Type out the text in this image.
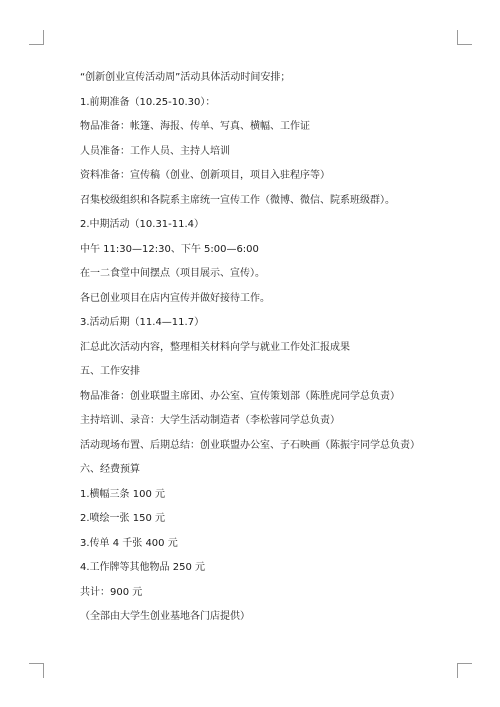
“创新创业宣传活动周”活动具体活动时间安排；
1.前期准备（10.25-10.30）：
物品准备：帐篷、海报、传单、写真、横幅、工作证
人员准备：工作人员、主持人培训
资料准备：宣传稿（创业、创新项目，项目入驻程序等）
召集校级组织和各院系主席统一宣传工作（微博、微信、院系班级群）。
2.中期活动（10.31-11.4）
中午 11:30—12:30、下午 5:00—6:00
在一二食堂中间摆点（项目展示、宣传）。
各已创业项目在店内宣传并做好接待工作。
3.活动后期（11.4—11.7）
汇总此次活动内容，整理相关材料向学与就业工作处汇报成果
五、工作安排
物品准备：创业联盟主席团、办公室、宣传策划部（陈胜虎同学总负责）
主持培训、录音：大学生活动制造者（李松蓉同学总负责）
活动现场布置、后期总结：创业联盟办公室、子石映画（陈振宇同学总负责）
六、经费预算
1.横幅三条 100 元
2.喷绘一张 150 元
3.传单 4 千张 400 元
4.工作牌等其他物品 250 元
共计：900 元
（全部由大学生创业基地各门店提供）
